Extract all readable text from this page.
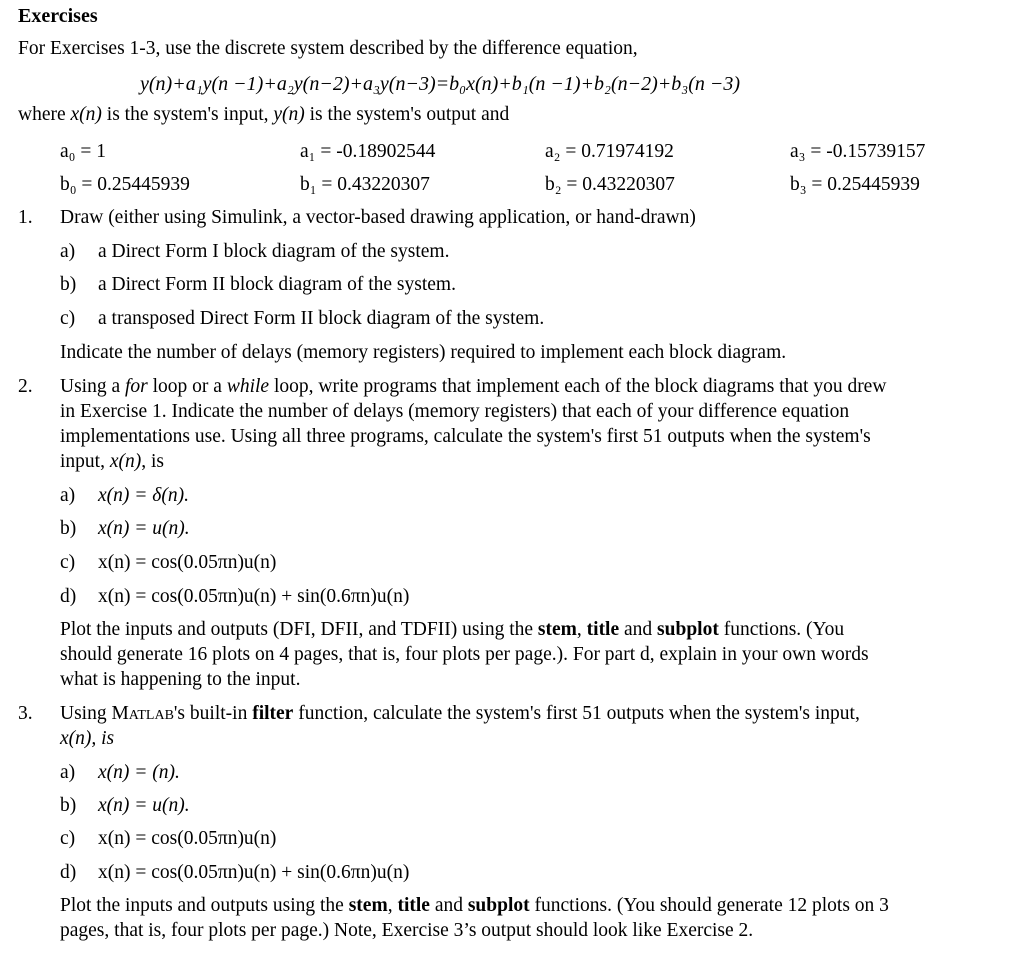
Exercises
For Exercises 1-3, use the discrete system described by the difference equation,
y(n)+a₁y(n −1)+a₂y(n−2)+a₃y(n−3)=b₀x(n)+b₁(n −1)+b₂(n−2)+b₃(n −3)
where x(n) is the system's input, y(n) is the system's output and
a₀ = 1	a₁ = -0.18902544	a₂ = 0.71974192	a₃ = -0.15739157
b₀ = 0.25445939	b₁ = 0.43220307	b₂ = 0.43220307	b₃ = 0.25445939
1. Draw (either using Simulink, a vector-based drawing application, or hand-drawn)
a) a Direct Form I block diagram of the system.
b) a Direct Form II block diagram of the system.
c) a transposed Direct Form II block diagram of the system.
Indicate the number of delays (memory registers) required to implement each block diagram.
2. Using a for loop or a while loop, write programs that implement each of the block diagrams that you drew
in Exercise 1. Indicate the number of delays (memory registers) that each of your difference equation
implementations use. Using all three programs, calculate the system's first 51 outputs when the system's
input, x(n), is
a) x(n) = δ(n).
b) x(n) = u(n).
c) x(n) = cos(0.05πn)u(n)
d) x(n) = cos(0.05πn)u(n) + sin(0.6πn)u(n)
Plot the inputs and outputs (DFI, DFII, and TDFII) using the stem, title and subplot functions. (You
should generate 16 plots on 4 pages, that is, four plots per page.). For part d, explain in your own words
what is happening to the input.
3. Using Matlab's built-in filter function, calculate the system's first 51 outputs when the system's input,
x(n), is
a) x(n) = (n).
b) x(n) = u(n).
c) x(n) = cos(0.05πn)u(n)
d) x(n) = cos(0.05πn)u(n) + sin(0.6πn)u(n)
Plot the inputs and outputs using the stem, title and subplot functions. (You should generate 12 plots on 3
pages, that is, four plots per page.) Note, Exercise 3’s output should look like Exercise 2.
